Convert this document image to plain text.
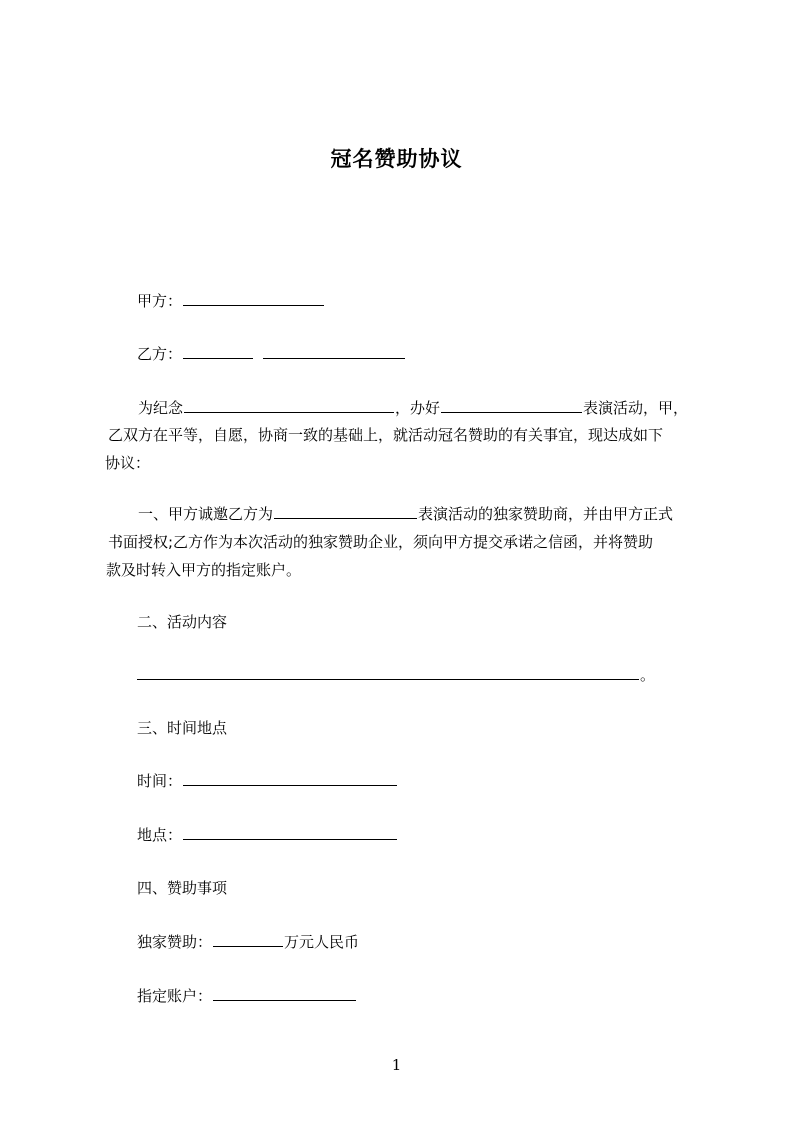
冠名赞助协议
甲方：
乙方：
为纪念	，办好	表演活动，甲，
乙双方在平等，自愿，协商一致的基础上，就活动冠名赞助的有关事宜，现达成如下
协议：
一、甲方诚邀乙方为	表演活动的独家赞助商，并由甲方正式
书面授权;乙方作为本次活动的独家赞助企业，须向甲方提交承诺之信函，并将赞助
款及时转入甲方的指定账户。
二、活动内容
。
三、时间地点
时间：
地点：
四、赞助事项
独家赞助：	万元人民币
指定账户：
1
